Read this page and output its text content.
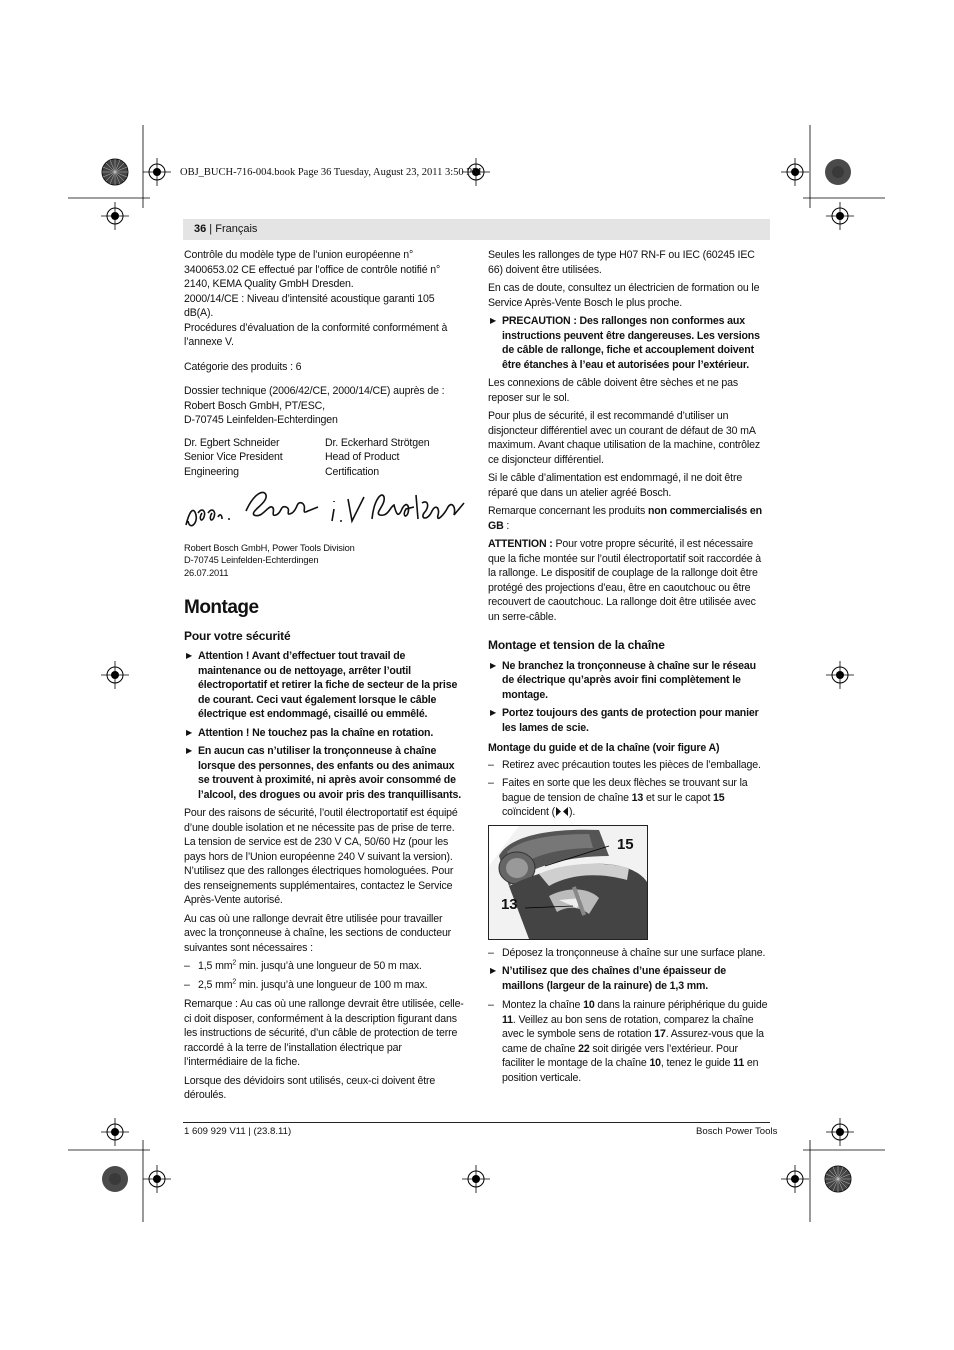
OBJ_BUCH-716-004.book Page 36 Tuesday, August 23, 2011 3:50 PM
36 | Français

Contrôle du modèle type de l’union européenne n° 3400653.02 CE effectué par l’office de contrôle notifié n° 2140, KEMA Quality GmbH Dresden.

2000/14/CE : Niveau d’intensité acoustique garanti 105 dB(A).

Procédures d’évaluation de la conformité conformément à l’annexe V.

Catégorie des produits : 6

Dossier technique (2006/42/CE, 2000/14/CE) auprès de :
Robert Bosch GmbH, PT/ESC,
D-70745 Leinfelden-Echterdingen

Dr. Egbert Schneider
Senior Vice President
Engineering
Dr. Eckerhard Strötgen
Head of Product
Certification

Robert Bosch GmbH, Power Tools Division
D-70745 Leinfelden-Echterdingen
26.07.2011

Montage
Pour votre sécurité

▶ Attention ! Avant d’effectuer tout travail de maintenance ou de nettoyage, arrêter l’outil électroportatif et retirer la fiche de secteur de la prise de courant. Ceci vaut également lorsque le câble électrique est endommagé, cisaillé ou emmêlé.

▶ Attention ! Ne touchez pas la chaîne en rotation.

▶ En aucun cas n’utiliser la tronçonneuse à chaîne lorsque des personnes, des enfants ou des animaux se trouvent à proximité, ni après avoir consommé de l’alcool, des drogues ou avoir pris des tranquillisants.

Pour des raisons de sécurité, l’outil électroportatif est équipé d’une double isolation et ne nécessite pas de prise de terre. La tension de service est de 230 V CA, 50/60 Hz (pour les pays hors de l’Union européenne 240 V suivant la version). N’utilisez que des rallonges électriques homologuées. Pour des renseignements supplémentaires, contactez le Service Après-Vente autorisé.

Au cas où une rallonge devrait être utilisée pour travailler avec la tronçonneuse à chaîne, les sections de conducteur suivantes sont nécessaires :

– 1,5 $mm^2$ min. jusqu’à une longueur de 50 m max.

– 2,5 $mm^2$ min. jusqu’à une longueur de 100 m max.

Remarque : Au cas où une rallonge devrait être utilisée, celle-ci doit disposer, conformément à la description figurant dans les instructions de sécurité, d’un câble de protection de terre raccordé à la terre de l’installation électrique par l’intermédiaire de la fiche.

Lorsque des dévidoirs sont utilisés, ceux-ci doivent être déroulés.

Seules les rallonges de type H07 RN-F ou IEC (60245 IEC 66) doivent être utilisées.

En cas de doute, consultez un électricien de formation ou le Service Après-Vente Bosch le plus proche.

▶ PRECAUTION : Des rallonges non conformes aux instructions peuvent être dangereuses. Les versions de câble de rallonge, fiche et accouplement doivent être étanches à l’eau et autorisées pour l’extérieur.

Les connexions de câble doivent être sèches et ne pas reposer sur le sol.

Pour plus de sécurité, il est recommandé d’utiliser un disjoncteur différentiel avec un courant de défaut de 30 mA maximum. Avant chaque utilisation de la machine, contrôlez ce disjoncteur différentiel.

Si le câble d’alimentation est endommagé, il ne doit être réparé que dans un atelier agréé Bosch.

Remarque concernant les produits non commercialisés en GB :

ATTENTION : Pour votre propre sécurité, il est nécessaire que la fiche montée sur l’outil électroportatif soit raccordée à la rallonge. Le dispositif de couplage de la rallonge doit être protégé des projections d’eau, être en caoutchouc ou être recouvert de caoutchouc. La rallonge doit être utilisée avec un serre-câble.

Montage et tension de la chaîne

▶ Ne branchez la tronçonneuse à chaîne sur le réseau de électrique qu’après avoir fini complètement le montage.

▶ Portez toujours des gants de protection pour manier les lames de scie.

Montage du guide et de la chaîne (voir figure A)

– Retirez avec précaution toutes les pièces de l’emballage.

– Faites en sorte que les deux flèches se trouvant sur la bague de tension de chaîne 13 et sur le capot 15 coïncident ( ).

15
13

– Déposez la tronçonneuse à chaîne sur une surface plane.

▶ N’utilisez que des chaînes d’une épaisseur de maillons (largeur de la rainure) de 1,3 mm.

– Montez la chaîne 10 dans la rainure périphérique du guide 11. Veillez au bon sens de rotation, comparez la chaîne avec le symbole sens de rotation 17. Assurez-vous que la came de chaîne 22 soit dirigée vers l’extérieur. Pour faciliter le montage de la chaîne 10, tenez le guide 11 en position verticale.

1 609 929 V11 | (23.8.11)	Bosch Power Tools
